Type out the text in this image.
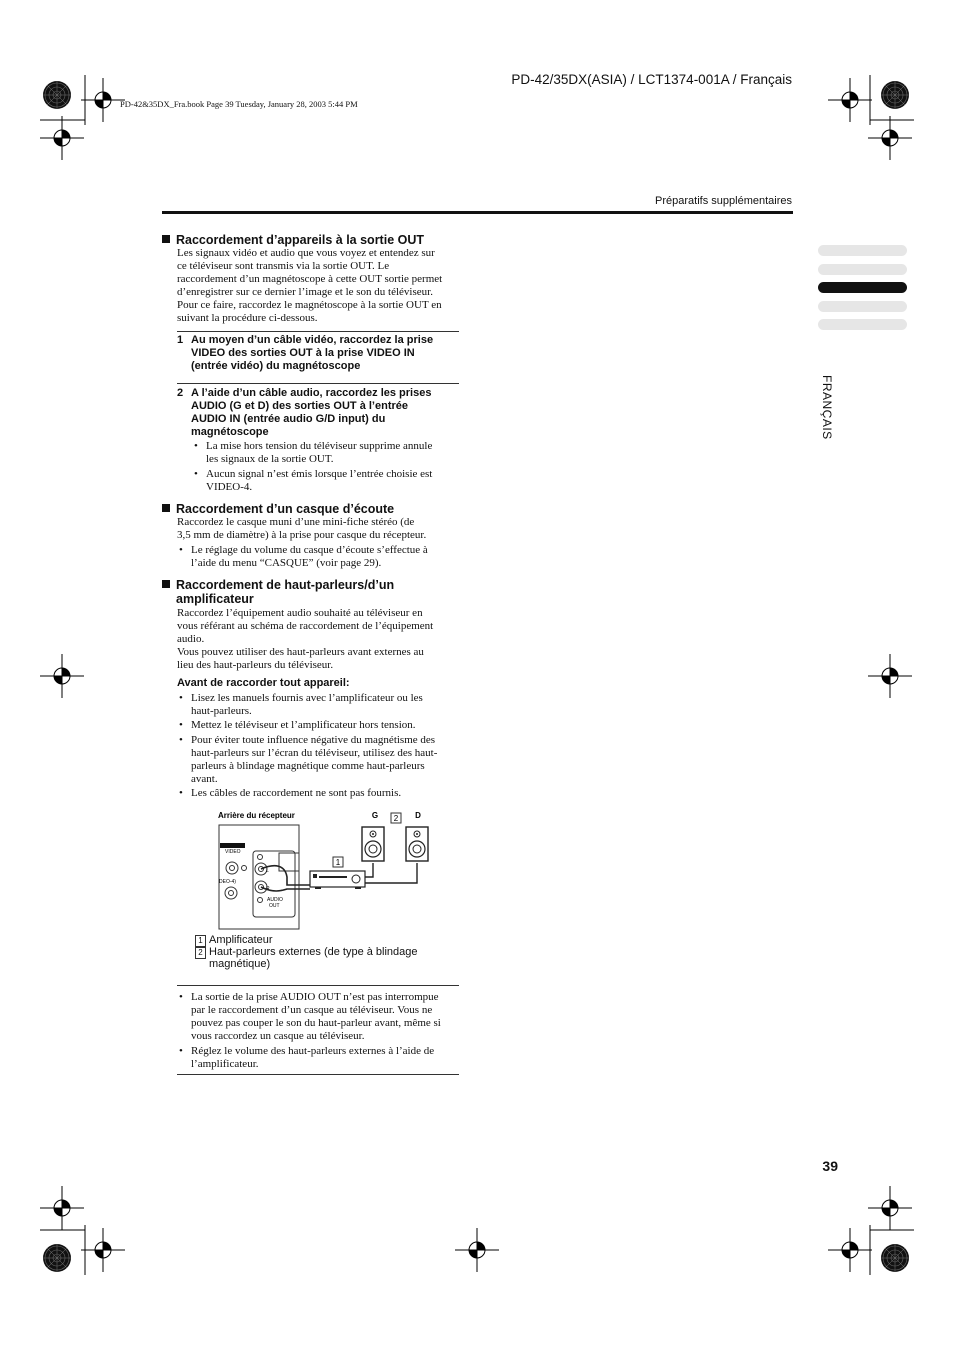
PD-42/35DX(ASIA) / LCT1374-001A / Français
PD-42&35DX_Fra.book Page 39 Tuesday, January 28, 2003 5:44 PM
Préparatifs supplémentaires
FRANÇAIS
Raccordement d’appareils à la sortie OUT
Les signaux vidéo et audio que vous voyez et entendez sur
ce téléviseur sont transmis via la sortie OUT. Le
raccordement d’un magnétoscope à cette OUT sortie permet
d’enregistrer sur ce dernier l’image et le son du téléviseur.
Pour ce faire, raccordez le magnétoscope à la sortie OUT en
suivant la procédure ci-dessous.
1 Au moyen d’un câble vidéo, raccordez la prise
VIDEO des sorties OUT à la prise VIDEO IN
(entrée vidéo) du magnétoscope
2 A l’aide d’un câble audio, raccordez les prises
AUDIO (G et D) des sorties OUT à l’entrée
AUDIO IN (entrée audio G/D input) du
magnétoscope
• La mise hors tension du téléviseur supprime annule
les signaux de la sortie OUT.
• Aucun signal n’est émis lorsque l’entrée choisie est
VIDEO-4.
Raccordement d’un casque d’écoute
Raccordez le casque muni d’une mini-fiche stéréo (de
3,5 mm de diamètre) à la prise pour casque du récepteur.
• Le réglage du volume du casque d’écoute s’effectue à
l’aide du menu “CASQUE” (voir page 29).
Raccordement de haut-parleurs/d’un
amplificateur
Raccordez l’équipement audio souhaité au téléviseur en
vous référant au schéma de raccordement de l’équipement
audio.
Vous pouvez utiliser des haut-parleurs avant externes au
lieu des haut-parleurs du téléviseur.
Avant de raccorder tout appareil:
• Lisez les manuels fournis avec l’amplificateur ou les
haut-parleurs.
• Mettez le téléviseur et l’amplificateur hors tension.
• Pour éviter toute influence négative du magnétisme des
haut-parleurs sur l’écran du téléviseur, utilisez des haut-
parleurs à blindage magnétique comme haut-parleurs
avant.
• Les câbles de raccordement ne sont pas fournis.
Arrière du récepteur
VIDEO
DEO-4)
L
R
AUDIO
OUT
1
G	D
2
1 Amplificateur
2 Haut-parleurs externes (de type à blindage
magnétique)
• La sortie de la prise AUDIO OUT n’est pas interrompue
par le raccordement d’un casque au téléviseur. Vous ne
pouvez pas couper le son du haut-parleur avant, même si
vous raccordez un casque au téléviseur.
• Réglez le volume des haut-parleurs externes à l’aide de
l’amplificateur.
39
